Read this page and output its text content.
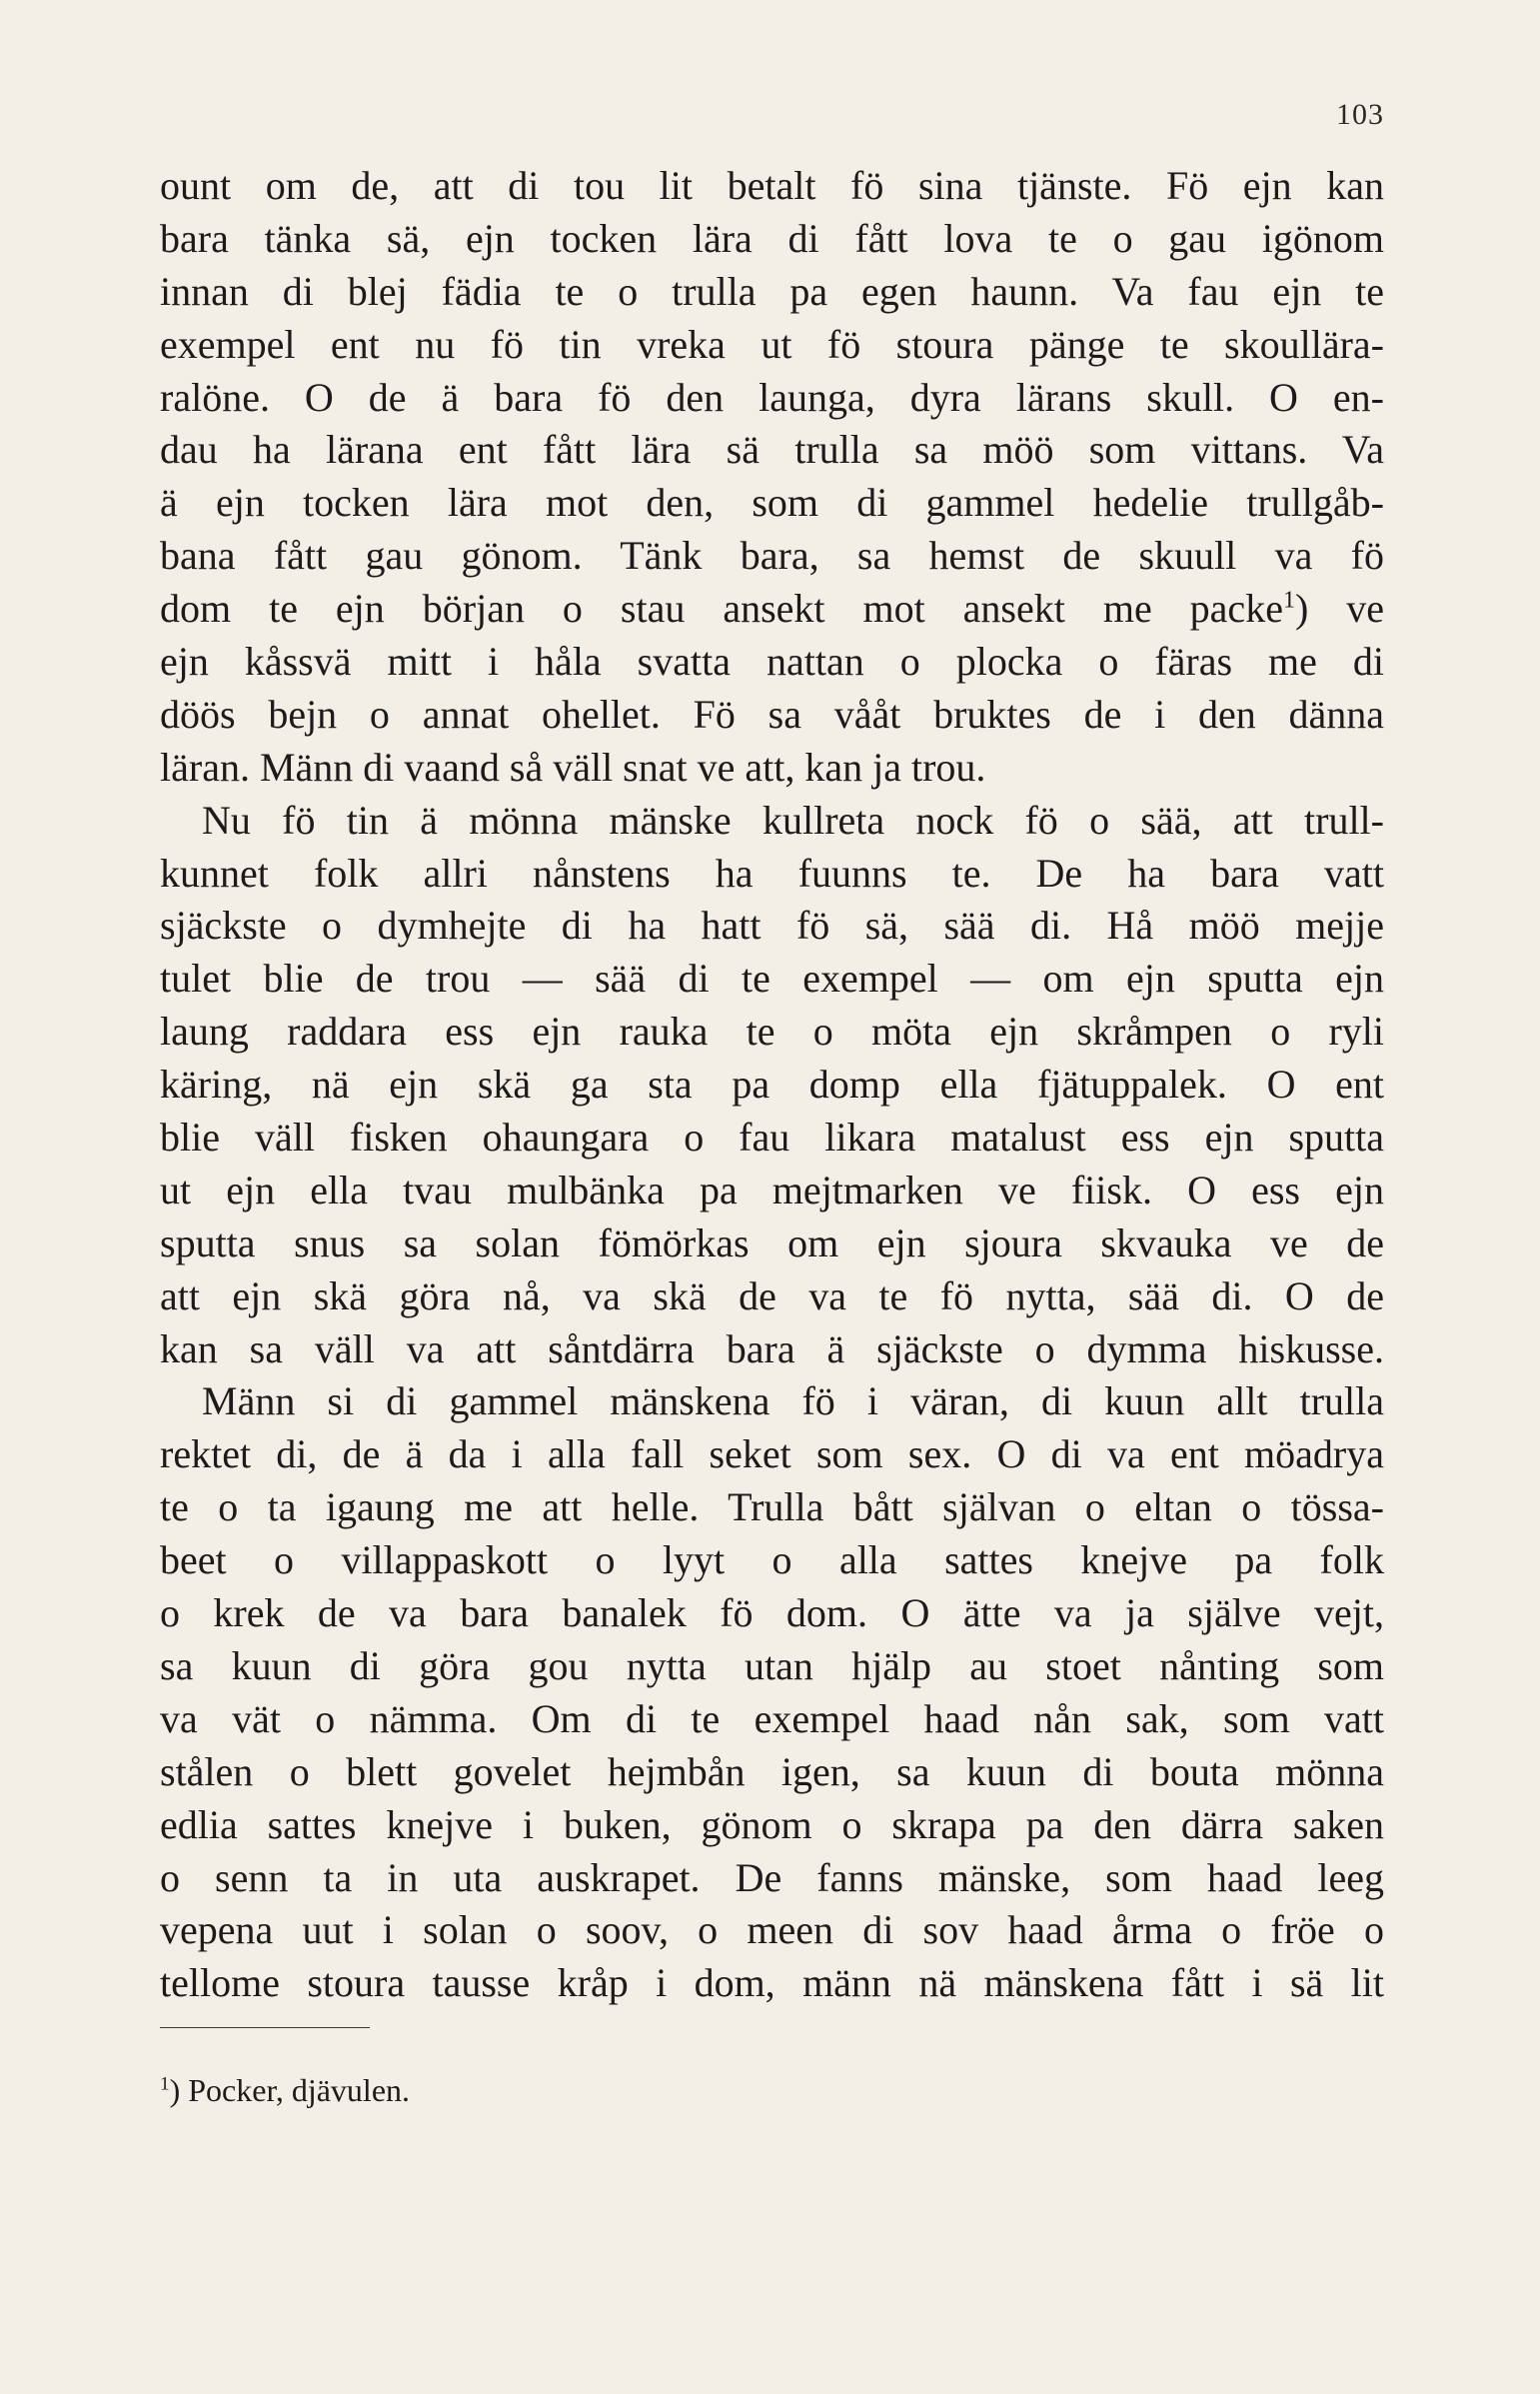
103
ount om de, att di tou lit betalt fö sina tjänste. Fö ejn kan
bara tänka sä, ejn tocken lära di fått lova te o gau igönom
innan di blej fädia te o trulla pa egen haunn. Va fau ejn te
exempel ent nu fö tin vreka ut fö stoura pänge te skoullära-
ralöne. O de ä bara fö den launga, dyra lärans skull. O en-
dau ha lärana ent fått lära sä trulla sa möö som vittans. Va
ä ejn tocken lära mot den, som di gammel hedelie trullgåb-
bana fått gau gönom. Tänk bara, sa hemst de skuull va fö
dom te ejn början o stau ansekt mot ansekt me packe$^1$) ve
ejn kåssvä mitt i håla svatta nattan o plocka o färas me di
döös bejn o annat ohellet. Fö sa vååt bruktes de i den dänna
läran. Männ di vaand så väll snat ve att, kan ja trou.
Nu fö tin ä mönna mänske kullreta nock fö o sää, att trull-
kunnet folk allri nånstens ha fuunns te. De ha bara vatt
sjäckste o dymhejte di ha hatt fö sä, sää di. Hå möö mejje
tulet blie de trou — sää di te exempel — om ejn sputta ejn
laung raddara ess ejn rauka te o möta ejn skråmpen o ryli
käring, nä ejn skä ga sta pa domp ella fjätuppalek. O ent
blie väll fisken ohaungara o fau likara matalust ess ejn sputta
ut ejn ella tvau mulbänka pa mejtmarken ve fiisk. O ess ejn
sputta snus sa solan fömörkas om ejn sjoura skvauka ve de
att ejn skä göra nå, va skä de va te fö nytta, sää di. O de
kan sa väll va att såntdärra bara ä sjäckste o dymma hiskusse.
Männ si di gammel mänskena fö i väran, di kuun allt trulla
rektet di, de ä da i alla fall seket som sex. O di va ent möadrya
te o ta igaung me att helle. Trulla bått självan o eltan o tössa-
beet o villappaskott o lyyt o alla sattes knejve pa folk
o krek de va bara banalek fö dom. O ätte va ja själve vejt,
sa kuun di göra gou nytta utan hjälp au stoet nånting som
va vät o nämma. Om di te exempel haad nån sak, som vatt
stålen o blett govelet hejmbån igen, sa kuun di bouta mönna
edlia sattes knejve i buken, gönom o skrapa pa den därra saken
o senn ta in uta auskrapet. De fanns mänske, som haad leeg
vepena uut i solan o soov, o meen di sov haad årma o fröe o
tellome stoura tausse kråp i dom, männ nä mänskena fått i sä lit
$^1$) Pocker, djävulen.
